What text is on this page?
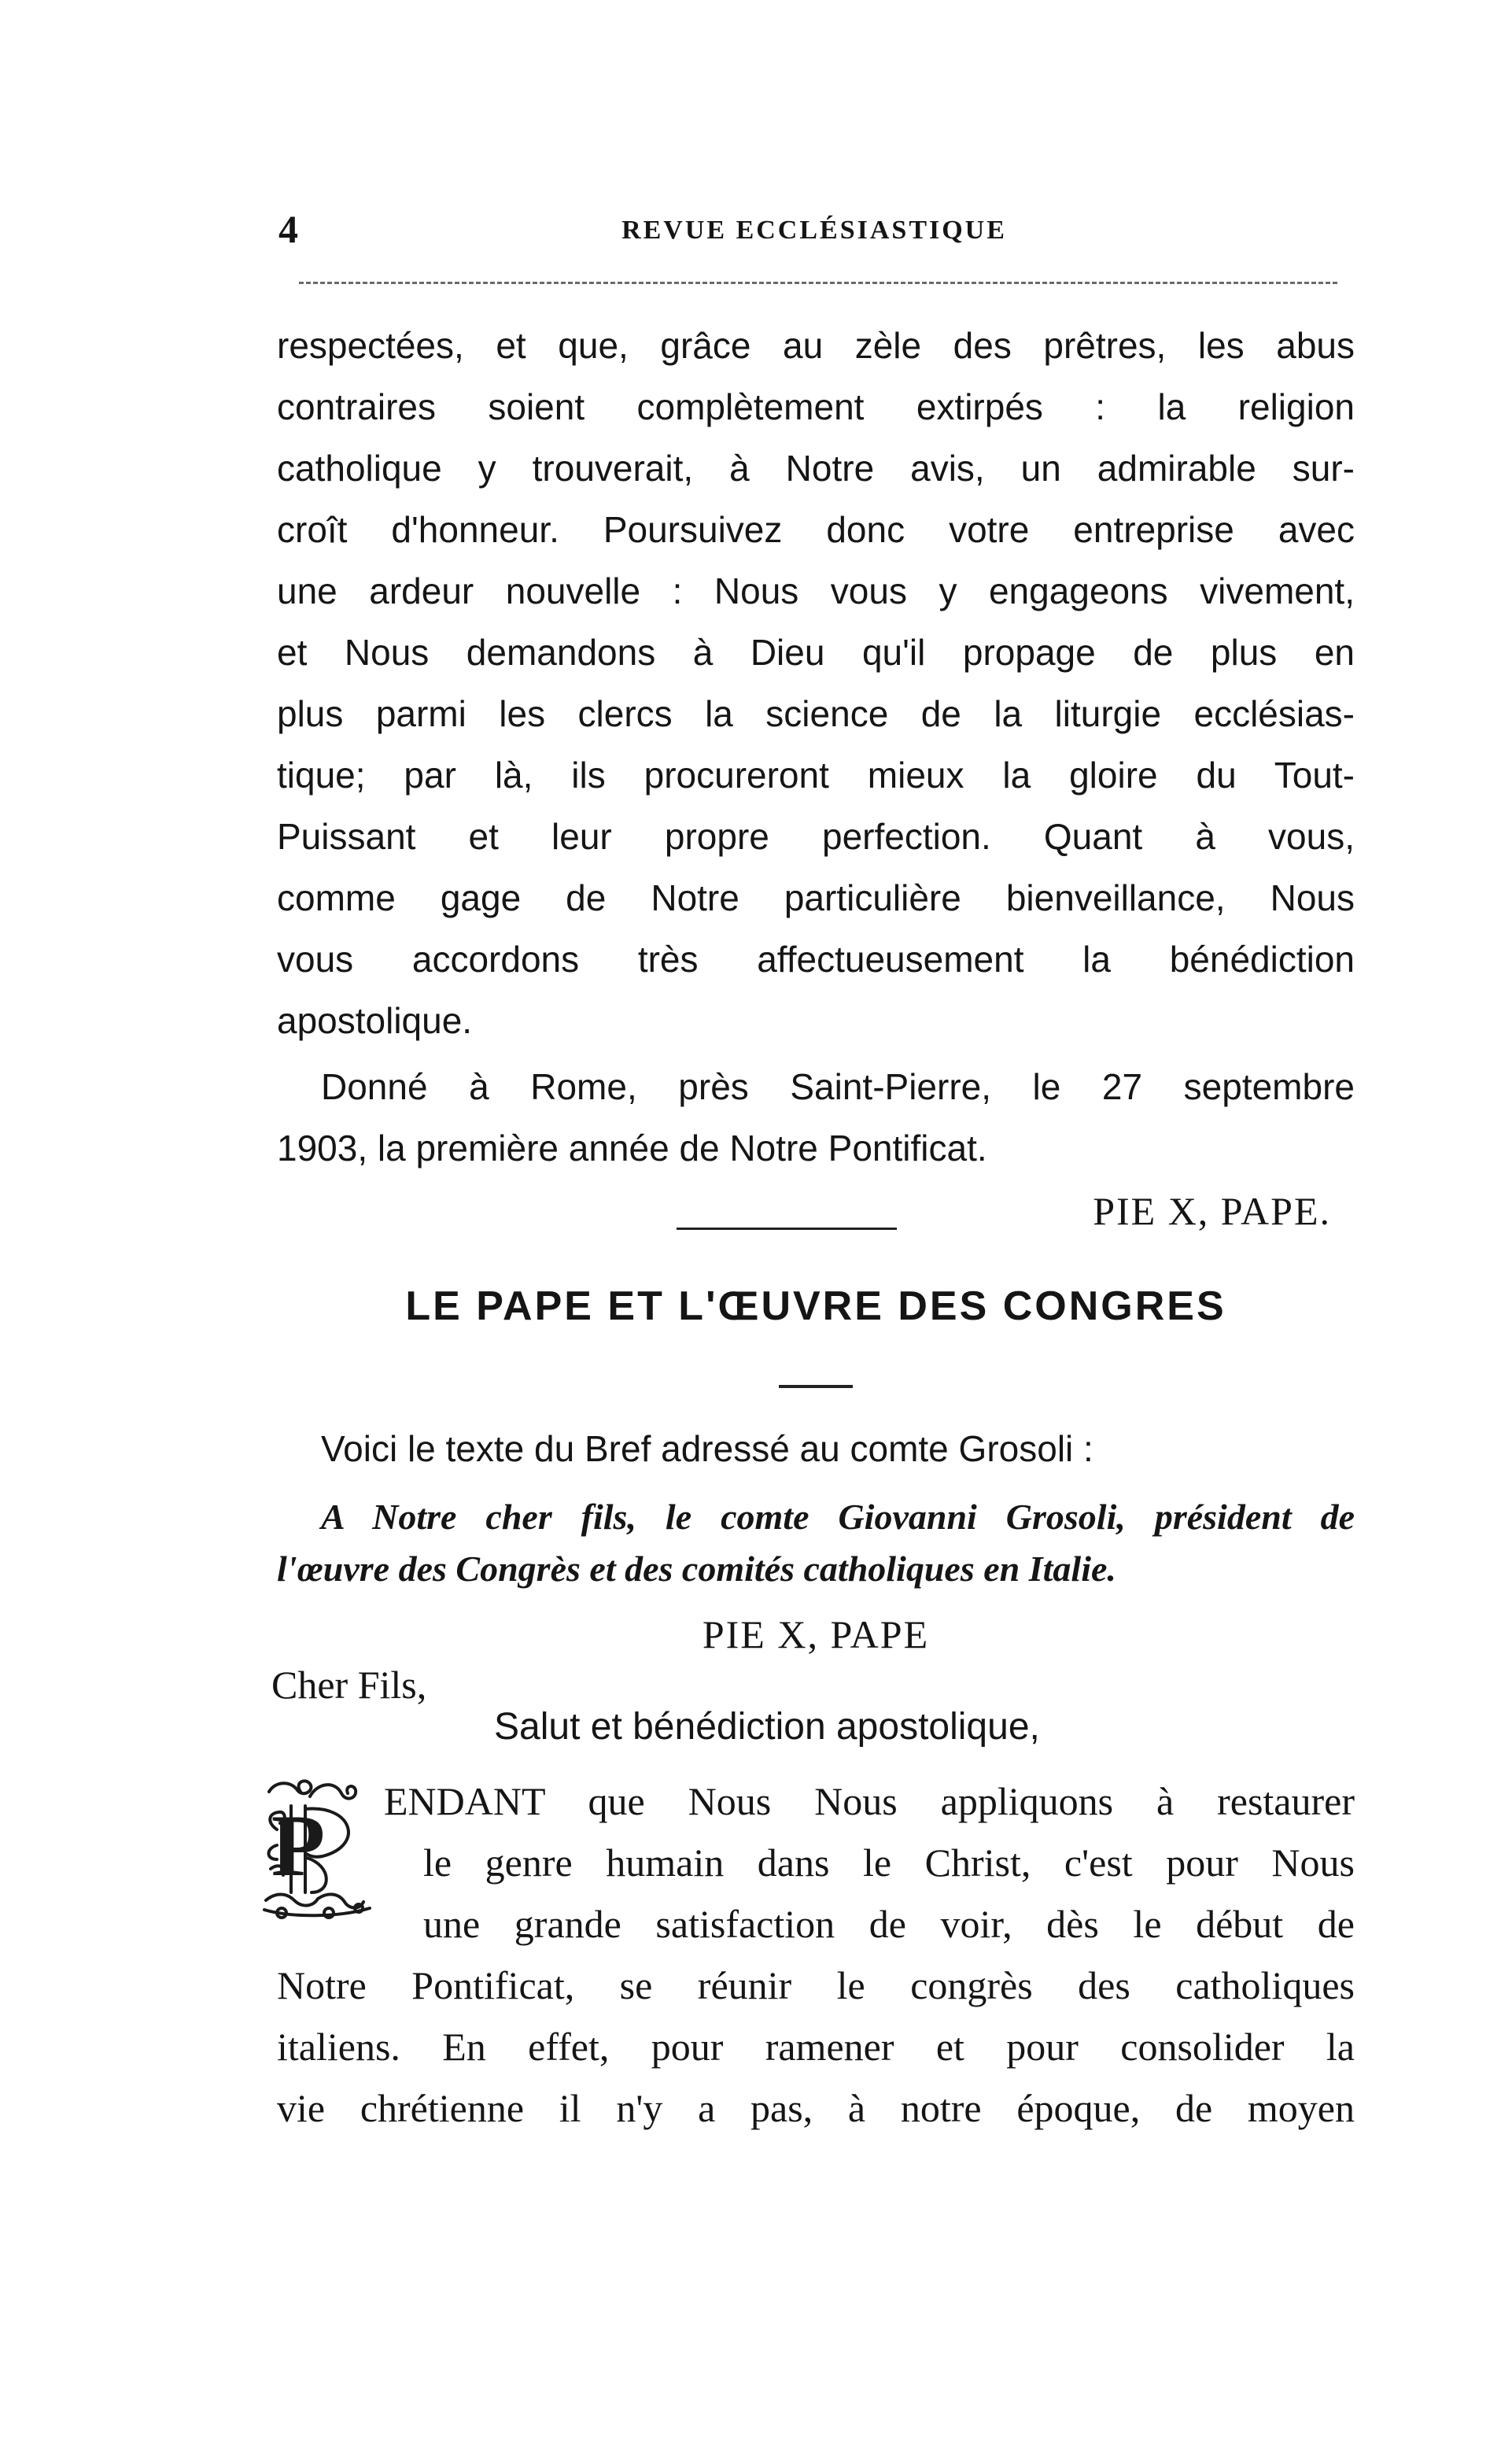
4	REVUE ECCLÉSIASTIQUE
respectées, et que, grâce au zèle des prêtres, les abus
contraires soient complètement extirpés : la religion
catholique y trouverait, à Notre avis, un admirable sur-
croît d'honneur. Poursuivez donc votre entreprise avec
une ardeur nouvelle : Nous vous y engageons vivement,
et Nous demandons à Dieu qu'il propage de plus en
plus parmi les clercs la science de la liturgie ecclésias-
tique; par là, ils procureront mieux la gloire du Tout-
Puissant et leur propre perfection. Quant à vous,
comme gage de Notre particulière bienveillance, Nous
vous accordons très affectueusement la bénédiction
apostolique.
Donné à Rome, près Saint-Pierre, le 27 septembre
1903, la première année de Notre Pontificat.
PIE X, PAPE.
LE PAPE ET L'ŒUVRE DES CONGRES
Voici le texte du Bref adressé au comte Grosoli :
A Notre cher fils, le comte Giovanni Grosoli, président de
l'œuvre des Congrès et des comités catholiques en Italie.
PIE X, PAPE
Cher Fils,
Salut et bénédiction apostolique,
P ENDANT que Nous Nous appliquons à restaurer
le genre humain dans le Christ, c'est pour Nous
une grande satisfaction de voir, dès le début de
Notre Pontificat, se réunir le congrès des catholiques
italiens. En effet, pour ramener et pour consolider la
vie chrétienne il n'y a pas, à notre époque, de moyen
